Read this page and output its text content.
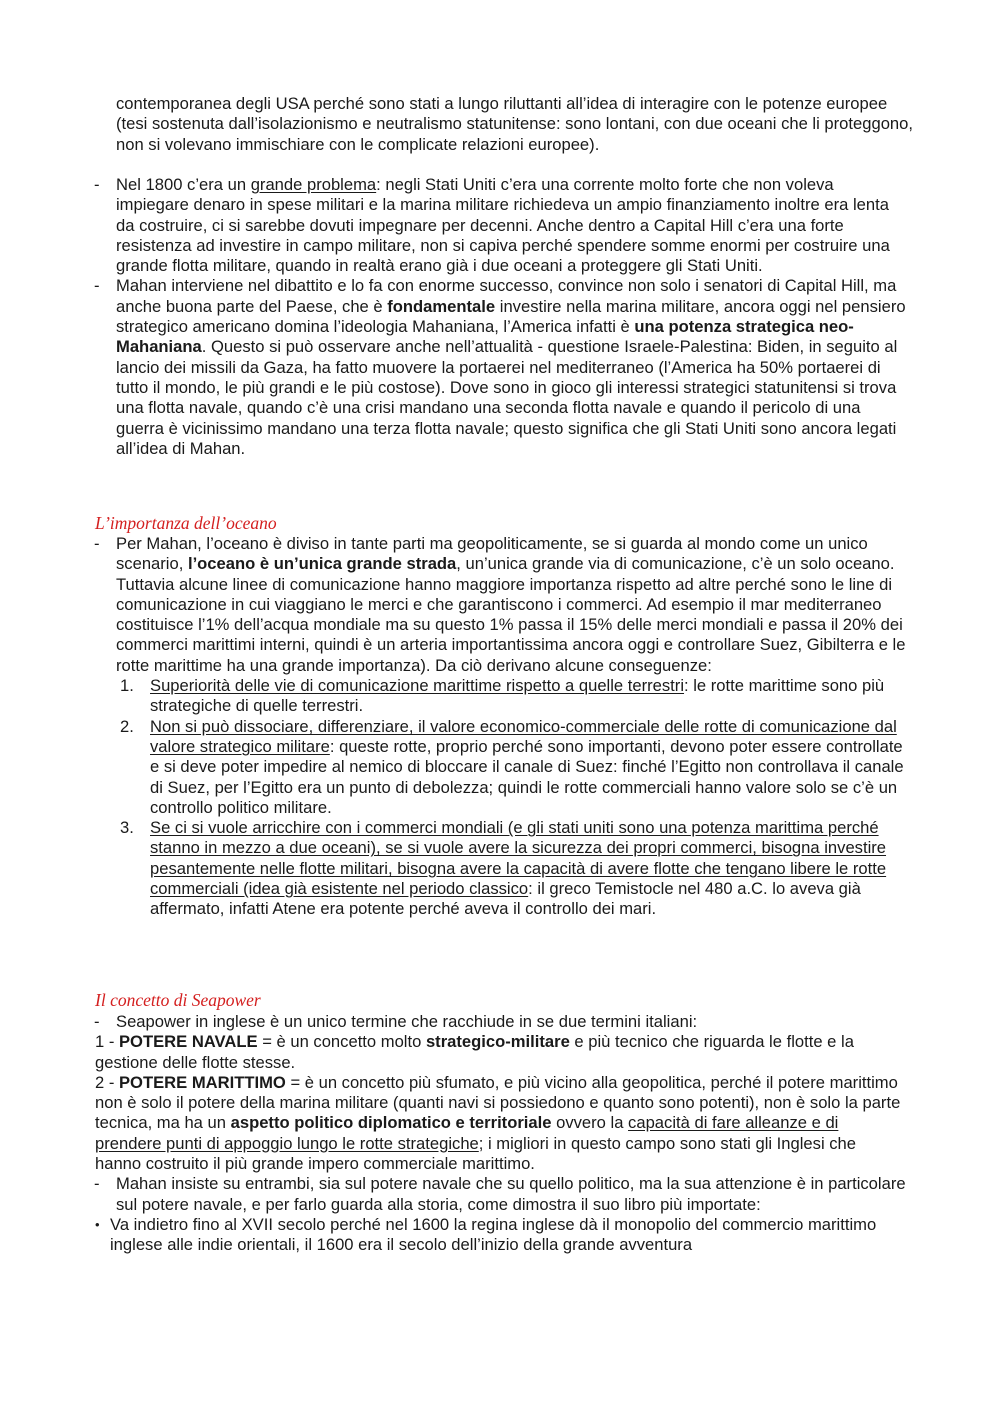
contemporanea degli USA perché sono stati a lungo riluttanti all’idea di interagire con le potenze europee (tesi sostenuta dall’isolazionismo e neutralismo statunitense: sono lontani, con due oceani che li proteggono, non si volevano immischiare con le complicate relazioni europee).
- Nel 1800 c’era un grande problema: negli Stati Uniti c’era una corrente molto forte che non voleva impiegare denaro in spese militari e la marina militare richiedeva un ampio finanziamento inoltre era lenta da costruire, ci si sarebbe dovuti impegnare per decenni. Anche dentro a Capital Hill c’era una forte resistenza ad investire in campo militare, non si capiva perché spendere somme enormi per costruire una grande flotta militare, quando in realtà erano già i due oceani a proteggere gli Stati Uniti.
- Mahan interviene nel dibattito e lo fa con enorme successo, convince non solo i senatori di Capital Hill, ma anche buona parte del Paese, che è fondamentale investire nella marina militare, ancora oggi nel pensiero strategico americano domina l’ideologia Mahaniana, l’America infatti è una potenza strategica neo-Mahaniana. Questo si può osservare anche nell’attualità - questione Israele-Palestina: Biden, in seguito al lancio dei missili da Gaza, ha fatto muovere la portaerei nel mediterraneo (l’America ha 50% portaerei di tutto il mondo, le più grandi e le più costose). Dove sono in gioco gli interessi strategici statunitensi si trova una flotta navale, quando c’è una crisi mandano una seconda flotta navale e quando il pericolo di una guerra è vicinissimo mandano una terza flotta navale; questo significa che gli Stati Uniti sono ancora legati all’idea di Mahan.
L’importanza dell’oceano
- Per Mahan, l’oceano è diviso in tante parti ma geopoliticamente, se si guarda al mondo come un unico scenario, l’oceano è un’unica grande strada, un’unica grande via di comunicazione, c’è un solo oceano. Tuttavia alcune linee di comunicazione hanno maggiore importanza rispetto ad altre perché sono le line di comunicazione in cui viaggiano le merci e che garantiscono i commerci. Ad esempio il mar mediterraneo costituisce l’1% dell’acqua mondiale ma su questo 1% passa il 15% delle merci mondiali e passa il 20% dei commerci marittimi interni, quindi è un arteria importantissima ancora oggi e controllare Suez, Gibilterra e le rotte marittime ha una grande importanza). Da ciò derivano alcune conseguenze:
1. Superiorità delle vie di comunicazione marittime rispetto a quelle terrestri: le rotte marittime sono più strategiche di quelle terrestri.
2. Non si può dissociare, differenziare, il valore economico-commerciale delle rotte di comunicazione dal valore strategico militare: queste rotte, proprio perché sono importanti, devono poter essere controllate e si deve poter impedire al nemico di bloccare il canale di Suez: finché l’Egitto non controllava il canale di Suez, per l’Egitto era un punto di debolezza; quindi le rotte commerciali hanno valore solo se c’è un controllo politico militare.
3. Se ci si vuole arricchire con i commerci mondiali (e gli stati uniti sono una potenza marittima perché stanno in mezzo a due oceani), se si vuole avere la sicurezza dei propri commerci, bisogna investire pesantemente nelle flotte militari, bisogna avere la capacità di avere flotte che tengano libere le rotte commerciali (idea già esistente nel periodo classico: il greco Temistocle nel 480 a.C. lo aveva già affermato, infatti Atene era potente perché aveva il controllo dei mari.
Il concetto di Seapower
- Seapower in inglese è un unico termine che racchiude in se due termini italiani:
1 - POTERE NAVALE = è un concetto molto strategico-militare e più tecnico che riguarda le flotte e la gestione delle flotte stesse.
2 - POTERE MARITTIMO = è un concetto più sfumato, e più vicino alla geopolitica, perché il potere marittimo non è solo il potere della marina militare (quanti navi si possiedono e quanto sono potenti), non è solo la parte tecnica, ma ha un aspetto politico diplomatico e territoriale ovvero la capacità di fare alleanze e di prendere punti di appoggio lungo le rotte strategiche; i migliori in questo campo sono stati gli Inglesi che hanno costruito il più grande impero commerciale marittimo.
- Mahan insiste su entrambi, sia sul potere navale che su quello politico, ma la sua attenzione è in particolare sul potere navale, e per farlo guarda alla storia, come dimostra il suo libro più importate:
• Va indietro fino al XVII secolo perché nel 1600 la regina inglese dà il monopolio del commercio marittimo inglese alle indie orientali, il 1600 era il secolo dell’inizio della grande avventura
